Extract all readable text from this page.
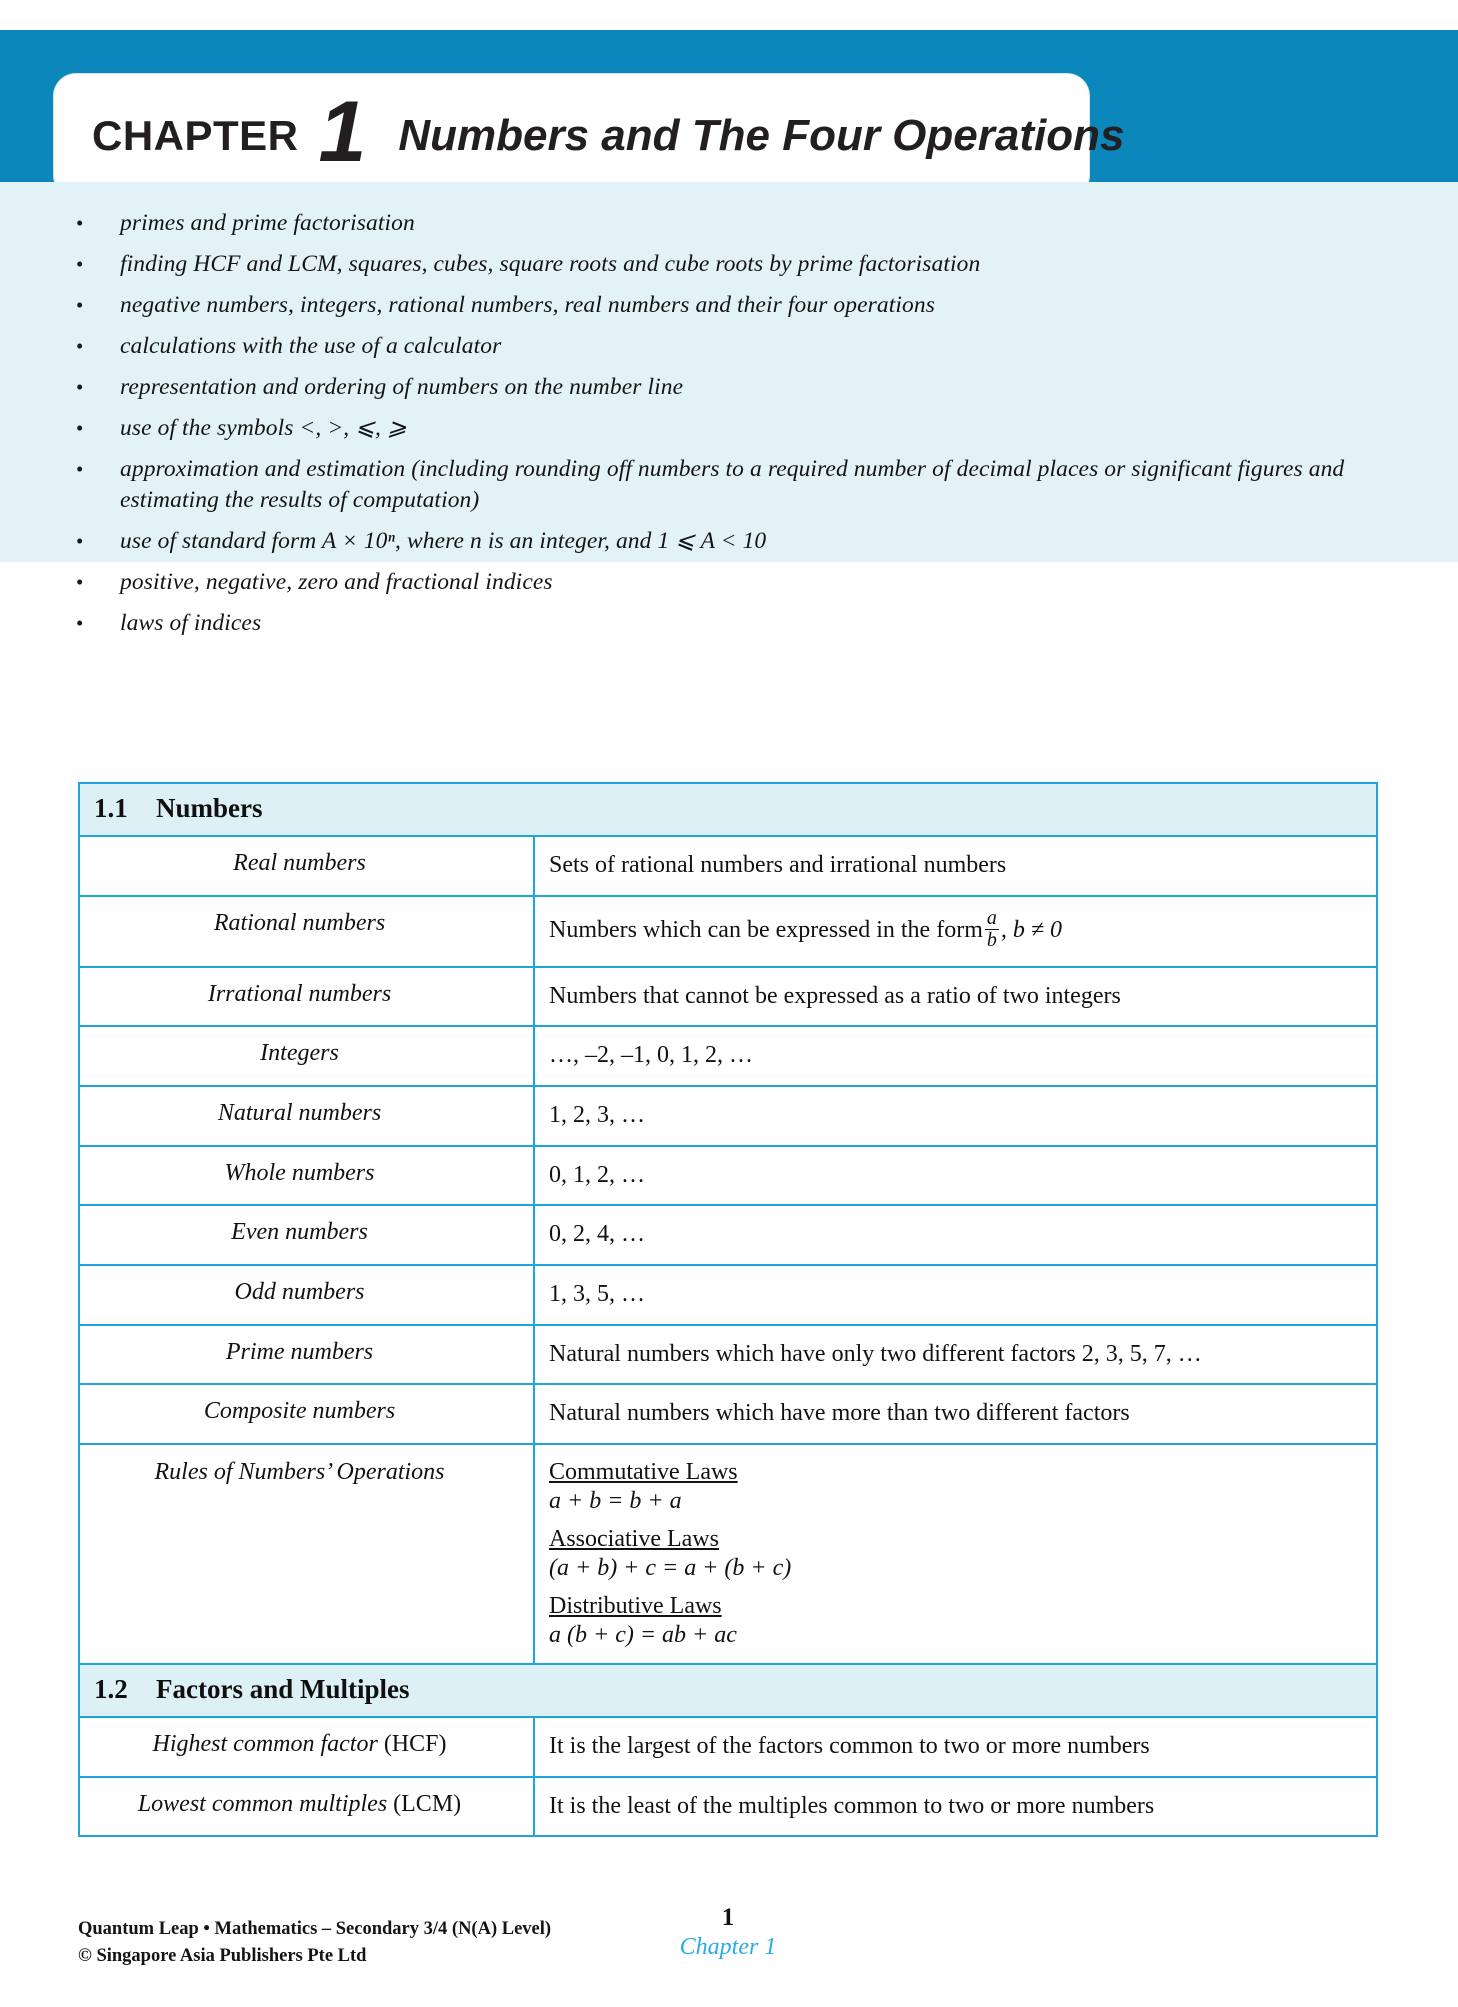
CHAPTER 1 Numbers and The Four Operations
•	primes and prime factorisation
•	finding HCF and LCM, squares, cubes, square roots and cube roots by prime factorisation
•	negative numbers, integers, rational numbers, real numbers and their four operations
•	calculations with the use of a calculator
•	representation and ordering of numbers on the number line
•	use of the symbols <, >, ⩽, ⩾
•	approximation and estimation (including rounding off numbers to a required number of decimal places or significant figures and estimating the results of computation)
•	use of standard form A × 10ⁿ, where n is an integer, and 1 ⩽ A < 10
•	positive, negative, zero and fractional indices
•	laws of indices
1.1 Numbers	
Real numbers	Sets of rational numbers and irrational numbers
Rational numbers	Numbers which can be expressed in the form $\frac{a}{b}$ , b ≠ 0
Irrational numbers	Numbers that cannot be expressed as a ratio of two integers
Integers	…, –2, –1, 0, 1, 2, …
Natural numbers	1, 2, 3, …
Whole numbers	0, 1, 2, …
Even numbers	0, 2, 4, …
Odd numbers	1, 3, 5, …
Prime numbers	Natural numbers which have only two different factors 2, 3, 5, 7, …
Composite numbers	Natural numbers which have more than two different factors
Rules of Numbers’ Operations	Commutative Laws
a + b = b + a
Associative Laws
(a + b) + c = a + (b + c)
Distributive Laws
a (b + c) = ab + ac

1.2 Factors and Multiples	
Highest common factor (HCF)	It is the largest of the factors common to two or more numbers
Lowest common multiples (LCM)	It is the least of the multiples common to two or more numbers
Quantum Leap • Mathematics – Secondary 3/4 (N(A) Level)
© Singapore Asia Publishers Pte Ltd
1
Chapter 1
